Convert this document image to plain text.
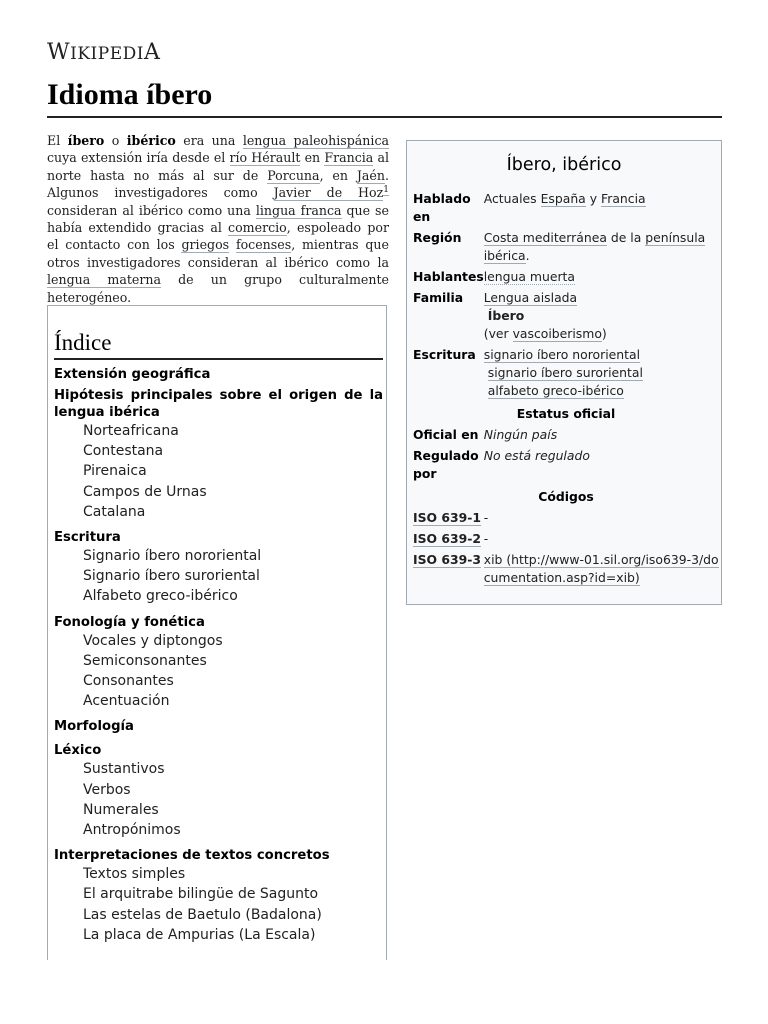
WIKIPEDIA
Idioma íbero

El íbero o ibérico era una lengua paleohispánica cuya extensión iría desde el río Hérault en Francia al norte hasta no más al sur de Porcuna, en Jaén. Algunos investigadores como Javier de Hoz$^1$ consideran al ibérico como una lingua franca que se había extendido gracias al comercio, espoleado por el contacto con los griegos focenses, mientras que otros investigadores consideran al ibérico como la lengua materna de un grupo culturalmente heterogéneo.

Índice
Extensión geográfica
Hipótesis principales sobre el origen de la lengua ibérica
Norteafricana
Contestana
Pirenaica
Campos de Urnas
Catalana
Escritura
Signario íbero nororiental
Signario íbero suroriental
Alfabeto greco-ibérico
Fonología y fonética
Vocales y diptongos
Semiconsonantes
Consonantes
Acentuación
Morfología
Léxico
Sustantivos
Verbos
Numerales
Antropónimos
Interpretaciones de textos concretos
Textos simples
El arquitrabe bilingüe de Sagunto
Las estelas de Baetulo (Badalona)
La placa de Ampurias (La Escala)
Íbero, ibérico
Hablado en	Actuales España y Francia
Región	Costa mediterránea de la península ibérica.
Hablantes	lengua muerta
Familia	Lengua aislada
Íbero
(ver vascoiberismo)
Escritura	signario íbero nororiental
signario íbero suroriental
alfabeto greco-ibérico
Estatus oficial	
Oficial en	Ningún país
Regulado por	No está regulado
Códigos	
ISO 639-1	-
ISO 639-2	-
ISO 639-3	xib (http://www-01.sil.org/iso639-3/documentation.asp?id=xib)
